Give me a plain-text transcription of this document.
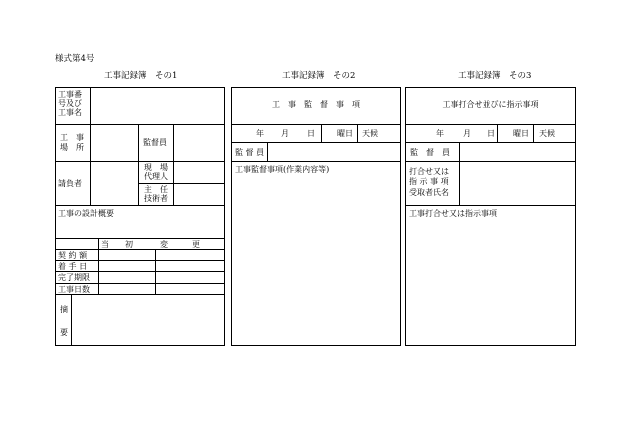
様式第4号
工事記録簿　その1
工事番
号及び
工事名
工　事
場　所
監督員
請負者
現　場
代理人
主　任
技術者
工事の設計概要
当　　初	変　　　更
契 約 額
着 手 日
完了期限
工事日数
摘
要
工事記録簿　その2
工　事　監　督　事　項
年 月 日	曜日 天候
監 督 員
工事監督事項(作業内容等)
工事記録簿　その3
工事打合せ並びに指示事項
年 月 日 曜日 天候
監　督　員
打合せ又は
指 示 事 項
受取者氏名
工事打合せ又は指示事項
